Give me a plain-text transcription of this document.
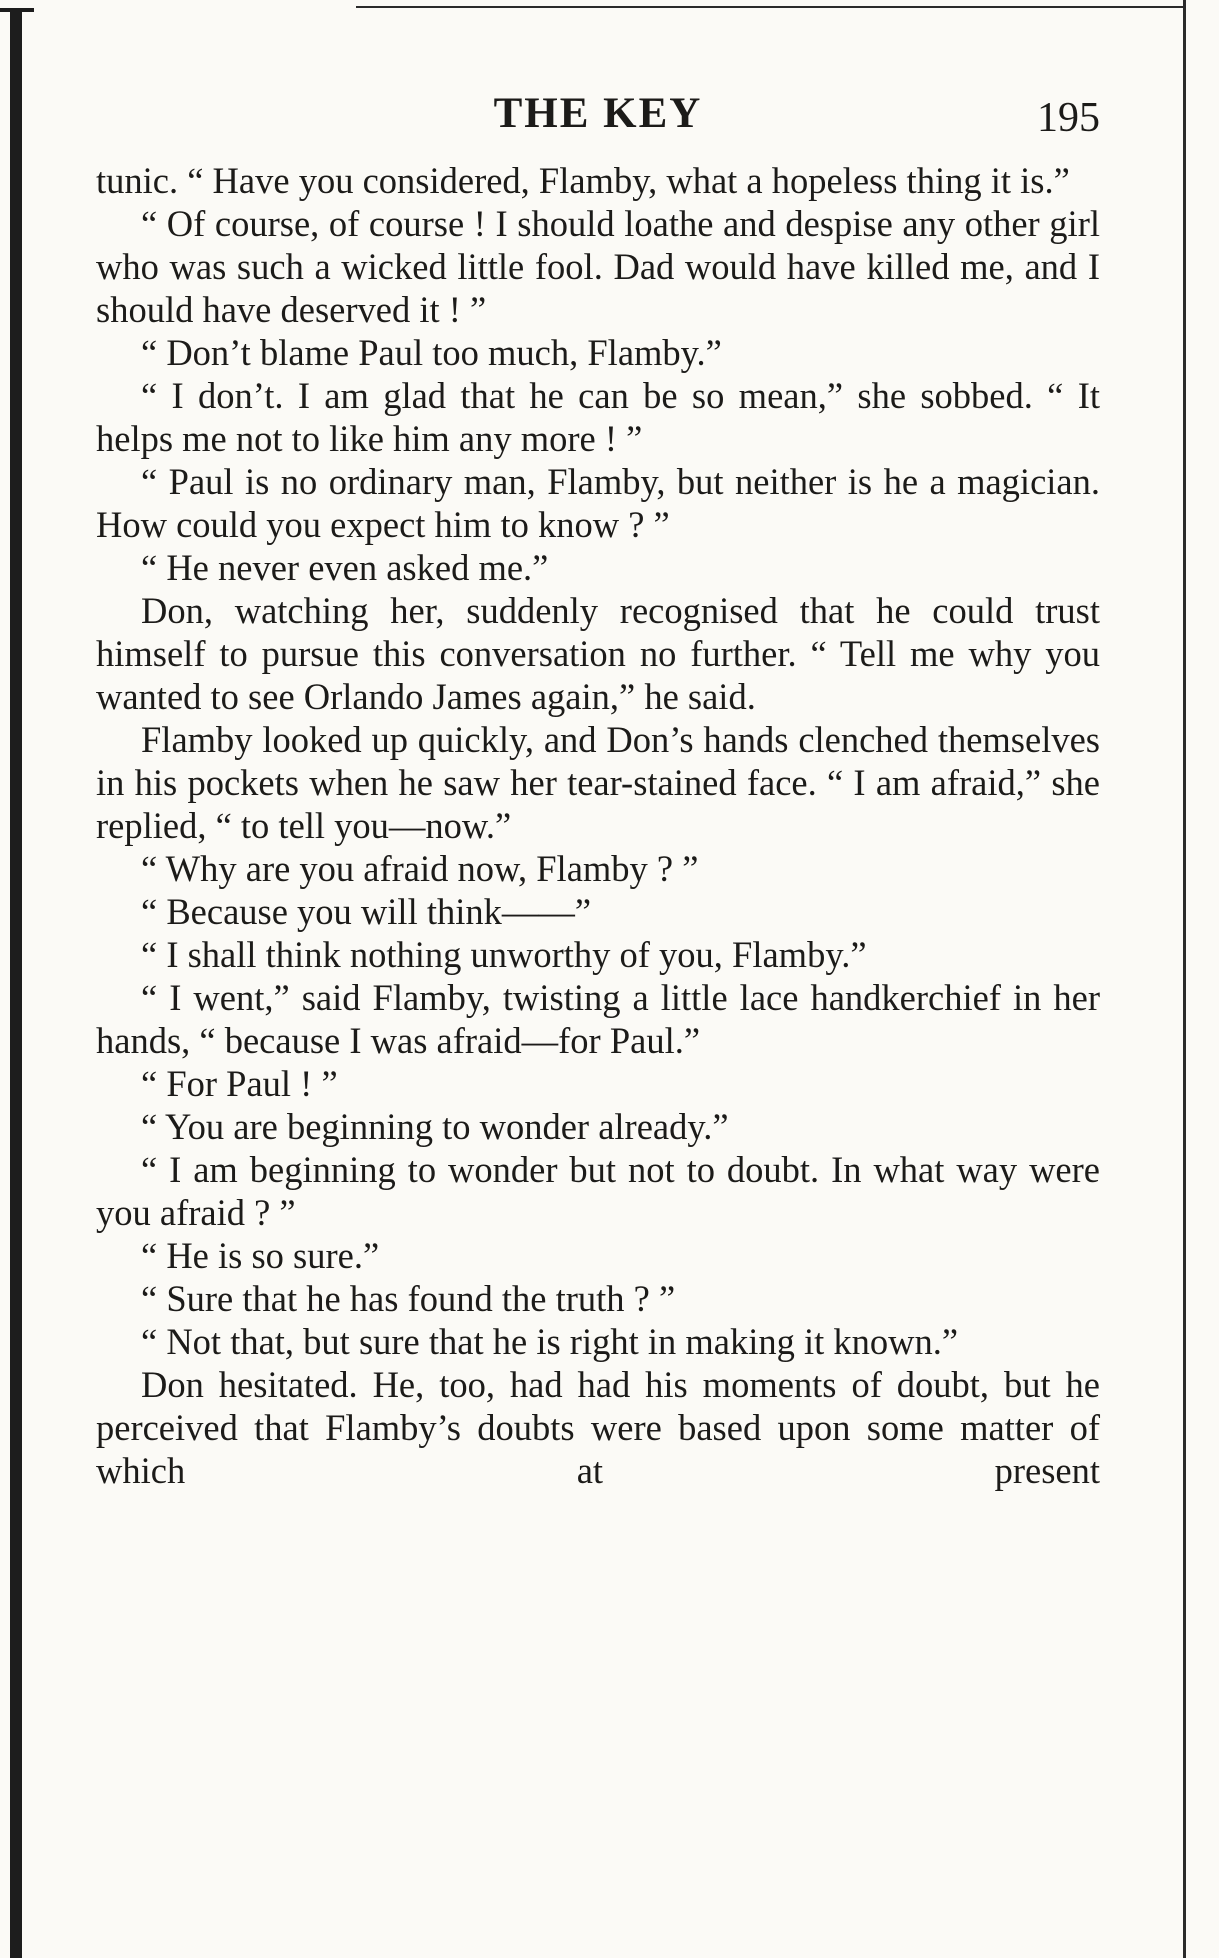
THE KEY	195

tunic. “ Have you considered, Flamby, what a hopeless thing it is.”

“ Of course, of course ! I should loathe and despise any other girl who was such a wicked little fool. Dad would have killed me, and I should have deserved it ! ”

“ Don’t blame Paul too much, Flamby.”

“ I don’t. I am glad that he can be so mean,” she sobbed. “ It helps me not to like him any more ! ”

“ Paul is no ordinary man, Flamby, but neither is he a magician. How could you expect him to know ? ”

“ He never even asked me.”

Don, watching her, suddenly recognised that he could trust himself to pursue this conversation no further. “ Tell me why you wanted to see Orlando James again,” he said.

Flamby looked up quickly, and Don’s hands clenched themselves in his pockets when he saw her tear-stained face. “ I am afraid,” she replied, “ to tell you—now.”

“ Why are you afraid now, Flamby ? ”

“ Because you will think——”

“ I shall think nothing unworthy of you, Flamby.”

“ I went,” said Flamby, twisting a little lace handkerchief in her hands, “ because I was afraid—for Paul.”

“ For Paul ! ”

“ You are beginning to wonder already.”

“ I am beginning to wonder but not to doubt. In what way were you afraid ? ”

“ He is so sure.”

“ Sure that he has found the truth ? ”

“ Not that, but sure that he is right in making it known.”

Don hesitated. He, too, had had his moments of doubt, but he perceived that Flamby’s doubts were based upon some matter of which at present
